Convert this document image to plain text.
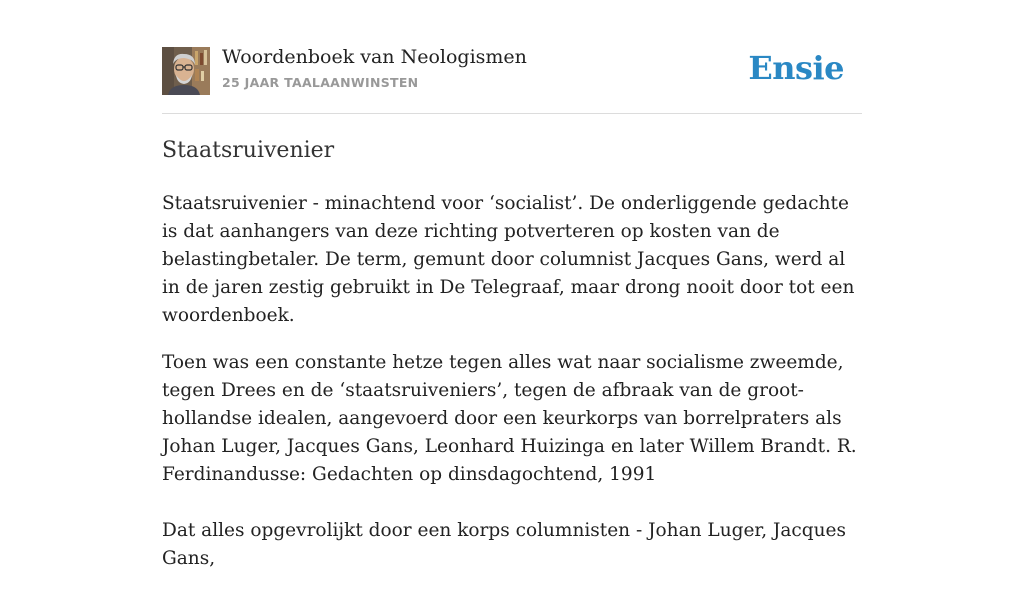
Woordenboek van Neologismen
25 JAAR TAALAANWINSTEN	Ensie
Staatsruivenier

Staatsruivenier - minachtend voor ‘socialist’. De onderliggende gedachte is dat aanhangers van deze richting potverteren op kosten van de belastingbetaler. De term, gemunt door columnist Jacques Gans, werd al in de jaren zestig gebruikt in De Telegraaf, maar drong nooit door tot een woordenboek.

Toen was een constante hetze tegen alles wat naar socialisme zweemde, tegen Drees en de ‘staatsruiveniers’, tegen de afbraak van de groot-hollandse idealen, aangevoerd door een keurkorps van borrelpraters als Johan Luger, Jacques Gans, Leonhard Huizinga en later Willem Brandt. R. Ferdinandusse: Gedachten op dinsdagochtend, 1991

Dat alles opgevrolijkt door een korps columnisten - Johan Luger, Jacques Gans,
